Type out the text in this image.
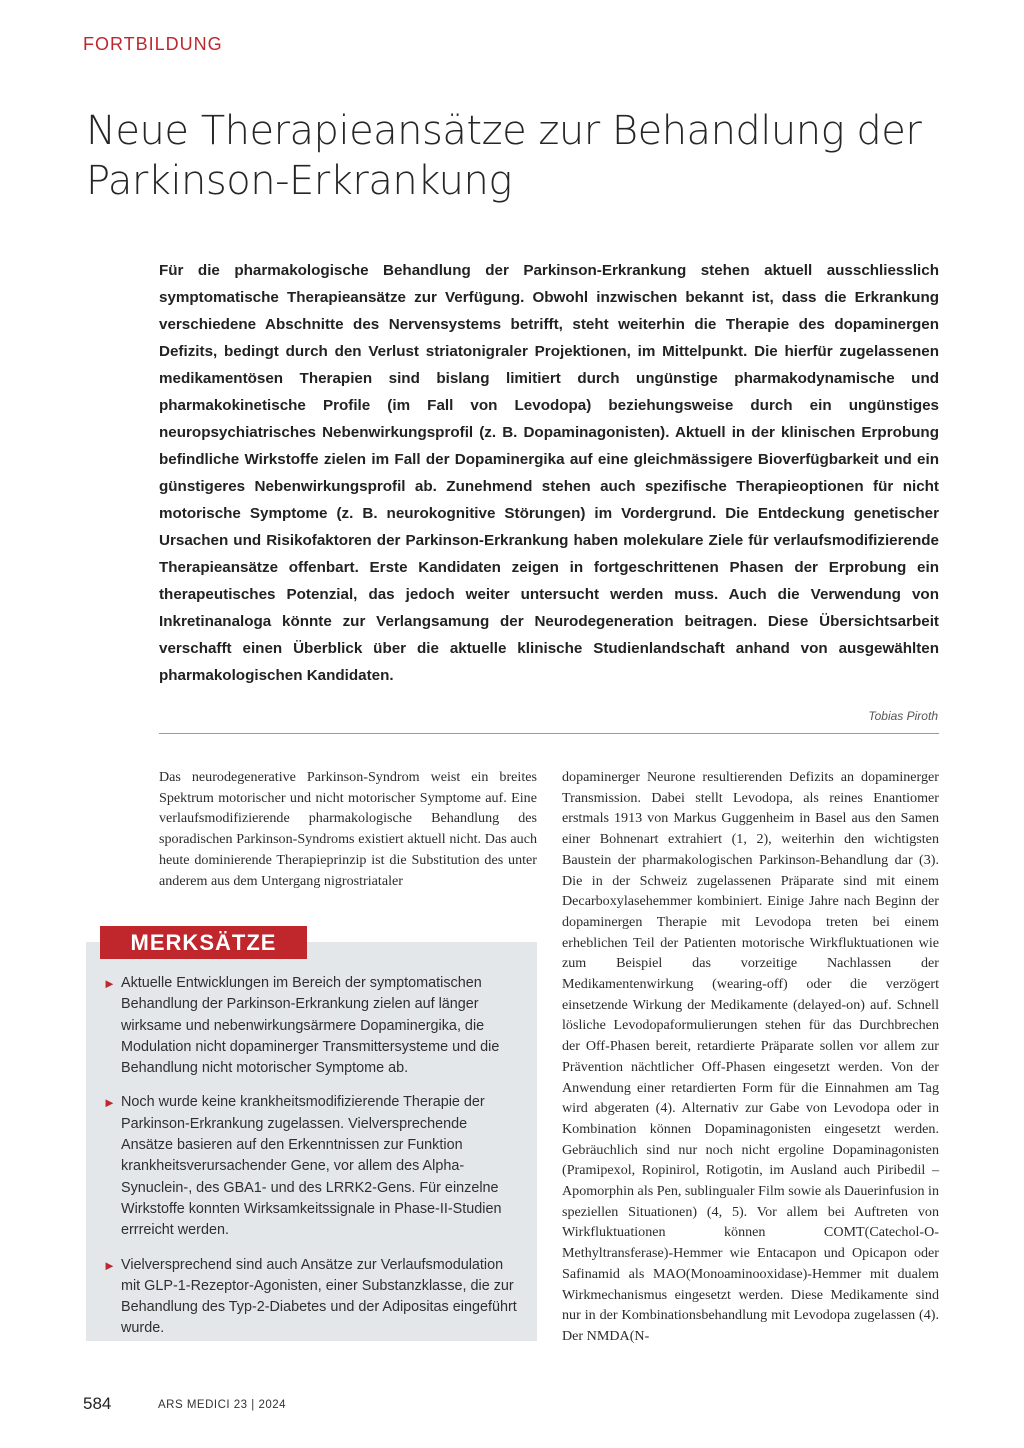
FORTBILDUNG
Neue Therapieansätze zur Behandlung der Parkinson-Erkrankung
Für die pharmakologische Behandlung der Parkinson-Erkrankung stehen aktuell ausschliesslich symptomatische Therapieansätze zur Verfügung. Obwohl inzwischen bekannt ist, dass die Erkrankung verschiedene Abschnitte des Nervensystems betrifft, steht weiterhin die Therapie des dopaminergen Defizits, bedingt durch den Verlust striatonigraler Projektionen, im Mittelpunkt. Die hierfür zugelassenen medikamentösen Therapien sind bislang limitiert durch ungünstige pharmakodynamische und pharmakokinetische Profile (im Fall von Levodopa) beziehungsweise durch ein ungünstiges neuropsychiatrisches Nebenwirkungsprofil (z. B. Dopaminagonisten). Aktuell in der klinischen Erprobung befindliche Wirkstoffe zielen im Fall der Dopaminergika auf eine gleichmässigere Bioverfügbarkeit und ein günstigeres Nebenwirkungsprofil ab. Zunehmend stehen auch spezifische Therapieoptionen für nicht motorische Symptome (z. B. neurokognitive Störungen) im Vordergrund. Die Entdeckung genetischer Ursachen und Risikofaktoren der Parkinson-Erkrankung haben molekulare Ziele für verlaufsmodifizierende Therapieansätze offenbart. Erste Kandidaten zeigen in fortgeschrittenen Phasen der Erprobung ein therapeutisches Potenzial, das jedoch weiter untersucht werden muss. Auch die Verwendung von Inkretinanaloga könnte zur Verlangsamung der Neurodegeneration beitragen. Diese Übersichtsarbeit verschafft einen Überblick über die aktuelle klinische Studienlandschaft anhand von ausgewählten pharmakologischen Kandidaten.
Tobias Piroth

Das neurodegenerative Parkinson-Syndrom weist ein breites Spektrum motorischer und nicht motorischer Symptome auf. Eine verlaufsmodifizierende pharmakologische Behandlung des sporadischen Parkinson-Syndroms existiert aktuell nicht. Das auch heute dominierende Therapieprinzip ist die Substitution des unter anderem aus dem Untergang nigrostriataler

MERKSÄTZE
► Aktuelle Entwicklungen im Bereich der symptomatischen Behandlung der Parkinson-Erkrankung zielen auf länger wirksame und nebenwirkungsärmere Dopaminergika, die Modulation nicht dopaminerger Transmittersysteme und die Behandlung nicht motorischer Symptome ab.
► Noch wurde keine krankheitsmodifizierende Therapie der Parkinson-Erkrankung zugelassen. Vielversprechende Ansätze basieren auf den Erkenntnissen zur Funktion krankheitsverursachender Gene, vor allem des Alpha-Synuclein-, des GBA1- und des LRRK2-Gens. Für einzelne Wirkstoffe konnten Wirksamkeitssignale in Phase-II-Studien errreicht werden.
► Vielversprechend sind auch Ansätze zur Verlaufsmodulation mit GLP-1-Rezeptor-Agonisten, einer Substanzklasse, die zur Behandlung des Typ-2-Diabetes und der Adipositas eingeführt wurde.

dopaminerger Neurone resultierenden Defizits an dopaminerger Transmission. Dabei stellt Levodopa, als reines Enantiomer erstmals 1913 von Markus Guggenheim in Basel aus den Samen einer Bohnenart extrahiert (1, 2), weiterhin den wichtigsten Baustein der pharmakologischen Parkinson-Behandlung dar (3). Die in der Schweiz zugelassenen Präparate sind mit einem Decarboxylasehemmer kombiniert. Einige Jahre nach Beginn der dopaminergen Therapie mit Levodopa treten bei einem erheblichen Teil der Patienten motorische Wirkfluktuationen wie zum Beispiel das vorzeitige Nachlassen der Medikamentenwirkung (wearing-off) oder die verzögert einsetzende Wirkung der Medikamente (delayed-on) auf. Schnell lösliche Levodopaformulierungen stehen für das Durchbrechen der Off-Phasen bereit, retardierte Präparate sollen vor allem zur Prävention nächtlicher Off-Phasen eingesetzt werden. Von der Anwendung einer retardierten Form für die Einnahmen am Tag wird abgeraten (4). Alternativ zur Gabe von Levodopa oder in Kombination können Dopaminagonisten eingesetzt werden. Gebräuchlich sind nur noch nicht ergoline Dopaminagonisten (Pramipexol, Ropinirol, Rotigotin, im Ausland auch Piribedil – Apomorphin als Pen, sublingualer Film sowie als Dauerinfusion in speziellen Situationen) (4, 5). Vor allem bei Auftreten von Wirkfluktuationen können COMT(Catechol-O-Methyltransferase)-Hemmer wie Entacapon und Opicapon oder Safinamid als MAO(Monoaminooxidase)-Hemmer mit dualem Wirkmechanismus eingesetzt werden. Diese Medikamente sind nur in der Kombinationsbehandlung mit Levodopa zugelassen (4). Der NMDA(N-

584	ARS MEDICI 23 | 2024
